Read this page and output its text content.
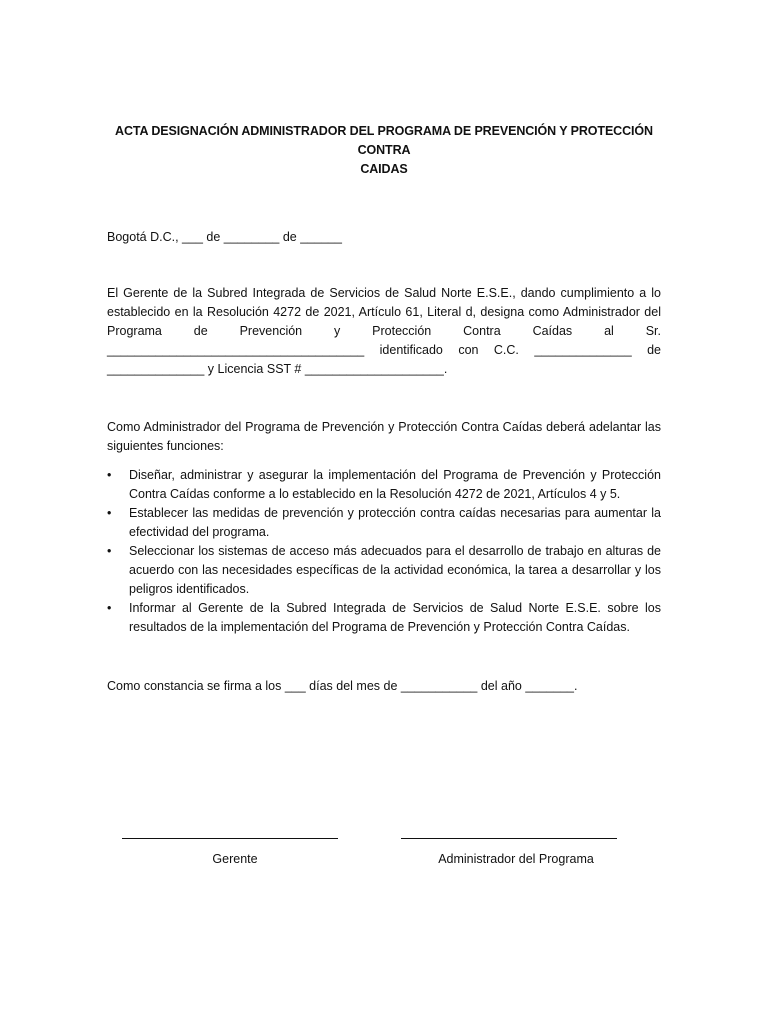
ACTA DESIGNACIÓN ADMINISTRADOR DEL PROGRAMA DE PREVENCIÓN Y PROTECCIÓN CONTRA
CAIDAS
Bogotá D.C., ___ de ________ de ______
El Gerente de la Subred Integrada de Servicios de Salud Norte E.S.E., dando cumplimiento a lo
establecido en la Resolución 4272 de 2021, Artículo 61, Literal d, designa como Administrador del
Programa de Prevención y Protección Contra Caídas al Sr.
_____________________________________ identificado con C.C. ______________ de
______________ y Licencia SST # ____________________.
Como Administrador del Programa de Prevención y Protección Contra Caídas deberá adelantar las siguientes funciones:
• Diseñar, administrar y asegurar la implementación del Programa de Prevención y Protección Contra Caídas conforme a lo establecido en la Resolución 4272 de 2021, Artículos 4 y 5.
• Establecer las medidas de prevención y protección contra caídas necesarias para aumentar la efectividad del programa.
• Seleccionar los sistemas de acceso más adecuados para el desarrollo de trabajo en alturas de acuerdo con las necesidades específicas de la actividad económica, la tarea a desarrollar y los peligros identificados.
• Informar al Gerente de la Subred Integrada de Servicios de Salud Norte E.S.E. sobre los resultados de la implementación del Programa de Prevención y Protección Contra Caídas.
Como constancia se firma a los ___ días del mes de ___________ del año _______.
Gerente	Administrador del Programa
